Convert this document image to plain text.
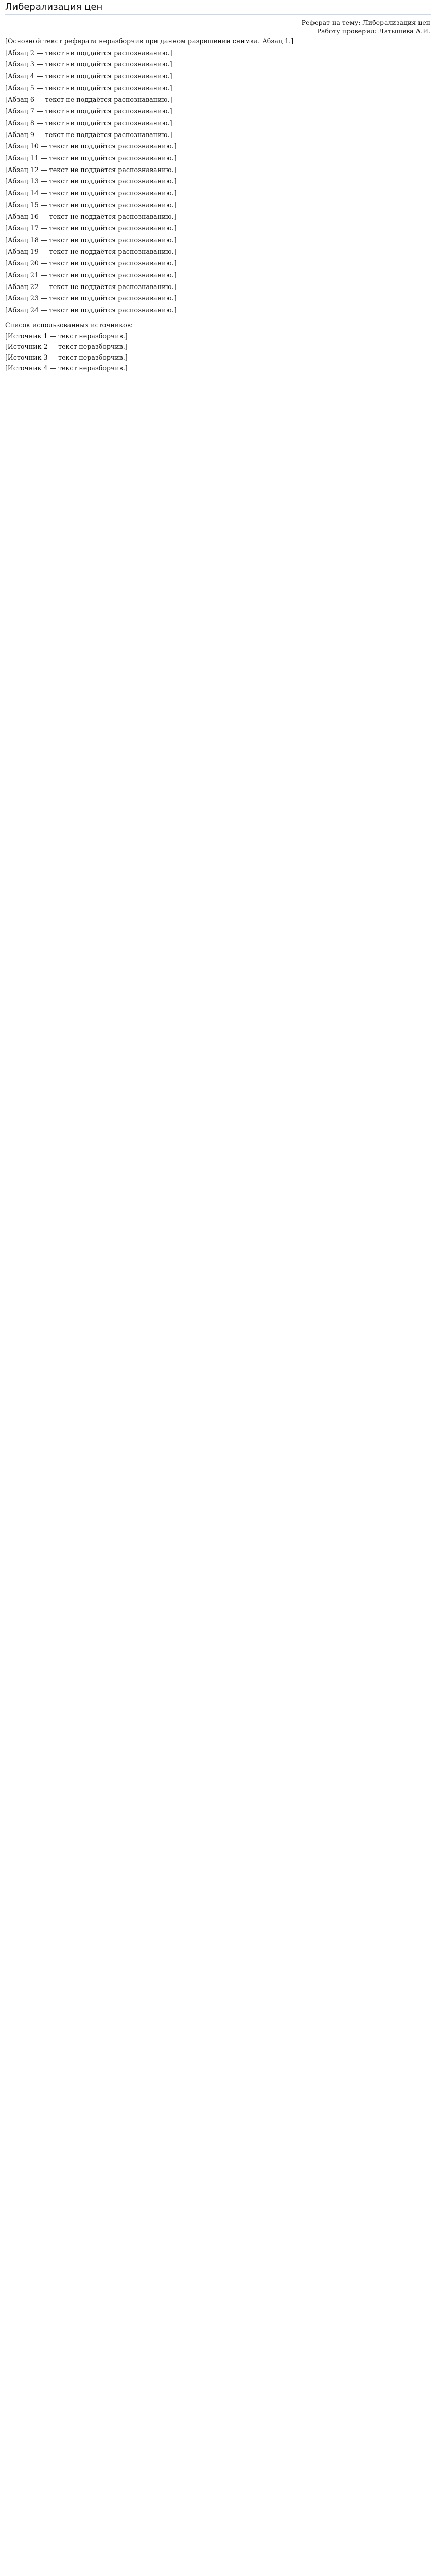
Либерализация цен
Реферат на тему: Либерализация цен
Работу проверил: Латышева А.И.

[Основной текст реферата неразборчив при данном разрешении снимка. Абзац 1.]

[Абзац 2 — текст не поддаётся распознаванию.]

[Абзац 3 — текст не поддаётся распознаванию.]

[Абзац 4 — текст не поддаётся распознаванию.]

[Абзац 5 — текст не поддаётся распознаванию.]

[Абзац 6 — текст не поддаётся распознаванию.]

[Абзац 7 — текст не поддаётся распознаванию.]

[Абзац 8 — текст не поддаётся распознаванию.]

[Абзац 9 — текст не поддаётся распознаванию.]

[Абзац 10 — текст не поддаётся распознаванию.]

[Абзац 11 — текст не поддаётся распознаванию.]

[Абзац 12 — текст не поддаётся распознаванию.]

[Абзац 13 — текст не поддаётся распознаванию.]

[Абзац 14 — текст не поддаётся распознаванию.]

[Абзац 15 — текст не поддаётся распознаванию.]

[Абзац 16 — текст не поддаётся распознаванию.]

[Абзац 17 — текст не поддаётся распознаванию.]

[Абзац 18 — текст не поддаётся распознаванию.]

[Абзац 19 — текст не поддаётся распознаванию.]

[Абзац 20 — текст не поддаётся распознаванию.]

[Абзац 21 — текст не поддаётся распознаванию.]

[Абзац 22 — текст не поддаётся распознаванию.]

[Абзац 23 — текст не поддаётся распознаванию.]

[Абзац 24 — текст не поддаётся распознаванию.]

Список использованных источников:
[Источник 1 — текст неразборчив.]
[Источник 2 — текст неразборчив.]
[Источник 3 — текст неразборчив.]
[Источник 4 — текст неразборчив.]
